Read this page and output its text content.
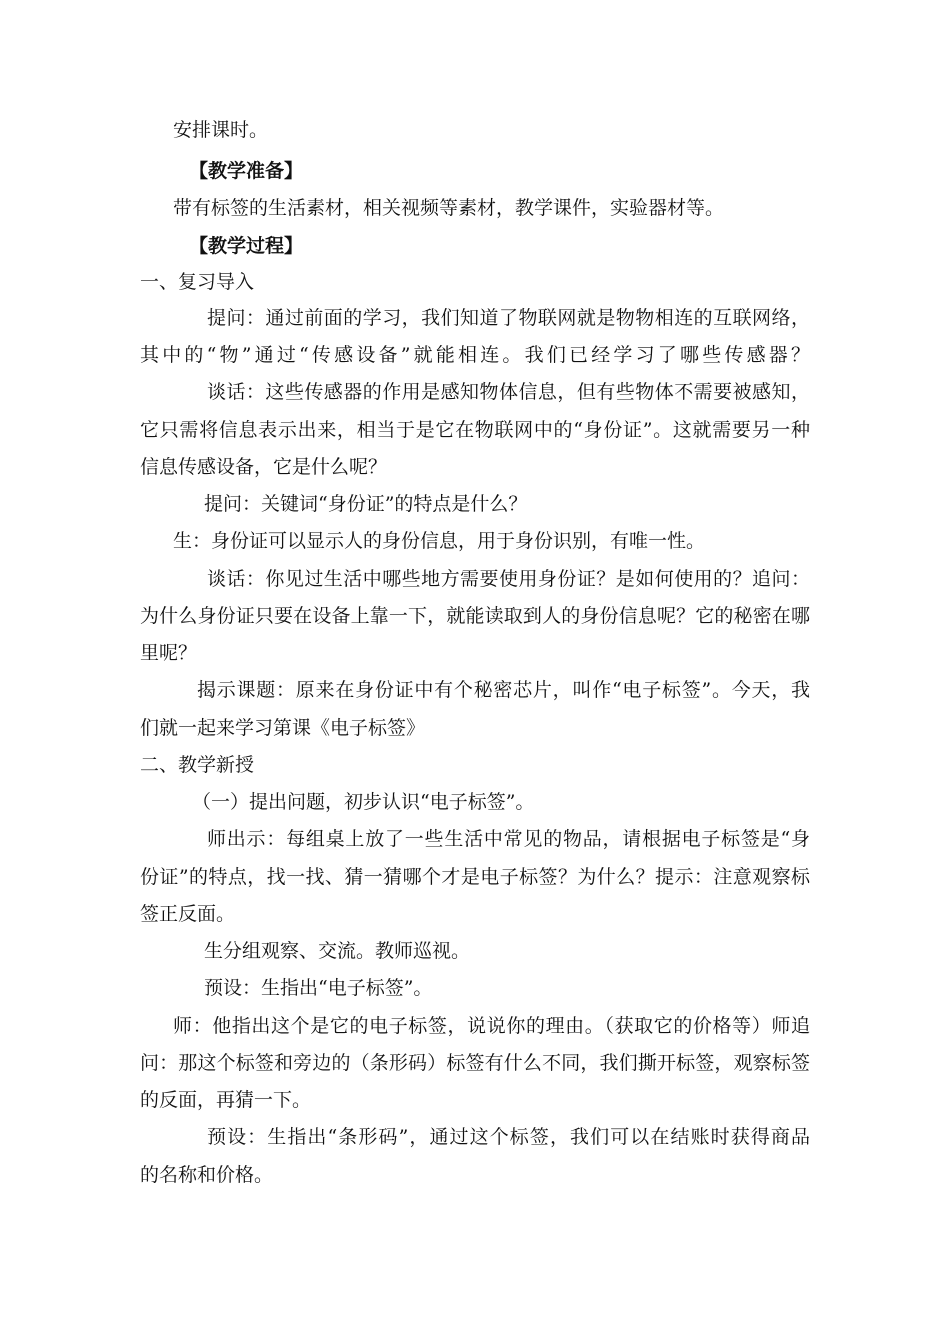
安排课时。
【教学准备】
带有标签的生活素材，相关视频等素材，教学课件，实验器材等。
【教学过程】
一、复习导入
提问：通过前面的学习，我们知道了物联网就是物物相连的互联网络，
其中的“物”通过“传感设备”就能相连。我们已经学习了哪些传感器？
谈话：这些传感器的作用是感知物体信息，但有些物体不需要被感知，
它只需将信息表示出来，相当于是它在物联网中的“身份证”。这就需要另一种
信息传感设备，它是什么呢？
提问：关键词“身份证”的特点是什么？
生：身份证可以显示人的身份信息，用于身份识别，有唯一性。
谈话：你见过生活中哪些地方需要使用身份证？是如何使用的？追问：
为什么身份证只要在设备上靠一下，就能读取到人的身份信息呢？它的秘密在哪
里呢？
揭示课题：原来在身份证中有个秘密芯片，叫作“电子标签”。今天，我
们就一起来学习第课《电子标签》
二、教学新授
（一）提出问题，初步认识“电子标签”。
师出示：每组桌上放了一些生活中常见的物品，请根据电子标签是“身
份证”的特点，找一找、猜一猜哪个才是电子标签？为什么？提示：注意观察标
签正反面。
生分组观察、交流。教师巡视。
预设：生指出“电子标签”。
师：他指出这个是它的电子标签，说说你的理由。（获取它的价格等）师追
问：那这个标签和旁边的（条形码）标签有什么不同，我们撕开标签，观察标签
的反面，再猜一下。
预设：生指出“条形码”，通过这个标签，我们可以在结账时获得商品
的名称和价格。
